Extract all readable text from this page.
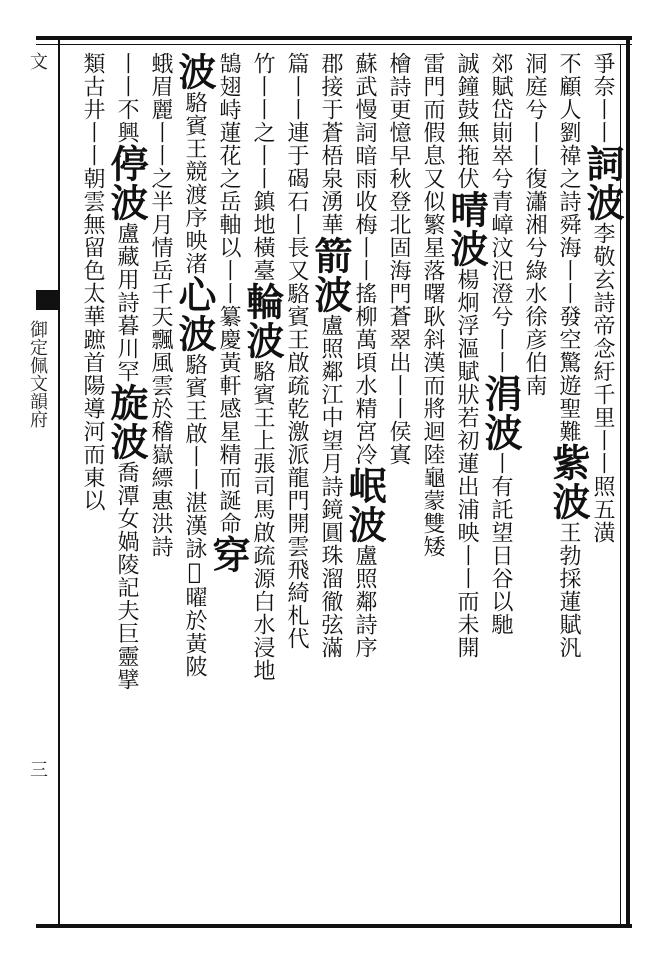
文
御定佩文韻府
三
爭奈丨丨詞波李敬玄詩帝念紆千里丨丨照五潢
不顧人劉禕之詩舜海丨丨發空驚遊聖難紫波王勃採蓮賦汎
洞庭兮丨丨復瀟湘兮綠水徐彦伯南
郊賦岱崱崒兮青嶂汶汜澄兮丨丨涓波丨有託望日谷以馳
誠鐘鼓無拖伏晴波楊炯浮漚賦狀若初蓮出浦映丨丨而未開
雷門而假息又似繁星落曙耿斜漢而將迴陸龜蒙雙矮
檜詩更憶早秋登北固海門蒼翠出丨丨侯寘
蘇武慢詞暗雨收梅丨丨搖柳萬頃水精宮冷岷波盧照鄰詩序
郡接于蒼梧泉湧華箭波盧照鄰江中望月詩鏡圓珠溜徹弦滿
篇丨丨連于碣石丨長又駱賓王啟疏乾激派龍門開雲飛綺札代
竹丨丨之丨丨鎮地橫臺輪波駱賓王上張司馬啟疏源白水浸地
鵠翅峙蓮花之岳軸以丨丨纂慶黃軒感星精而誕命穿
波駱賓王競渡序映渚心波駱賓王啟丨丨湛漢詠𧦬曜於黃陂
蛾眉麗丨丨之半月情岳千天飄風雲於稽嶽縹惠洪詩
丨丨不興停波盧藏用詩暮川罕旋波喬潭女媧陵記夫巨靈擘
類古井丨丨朝雲無留色太華蹠首陽導河而東以
